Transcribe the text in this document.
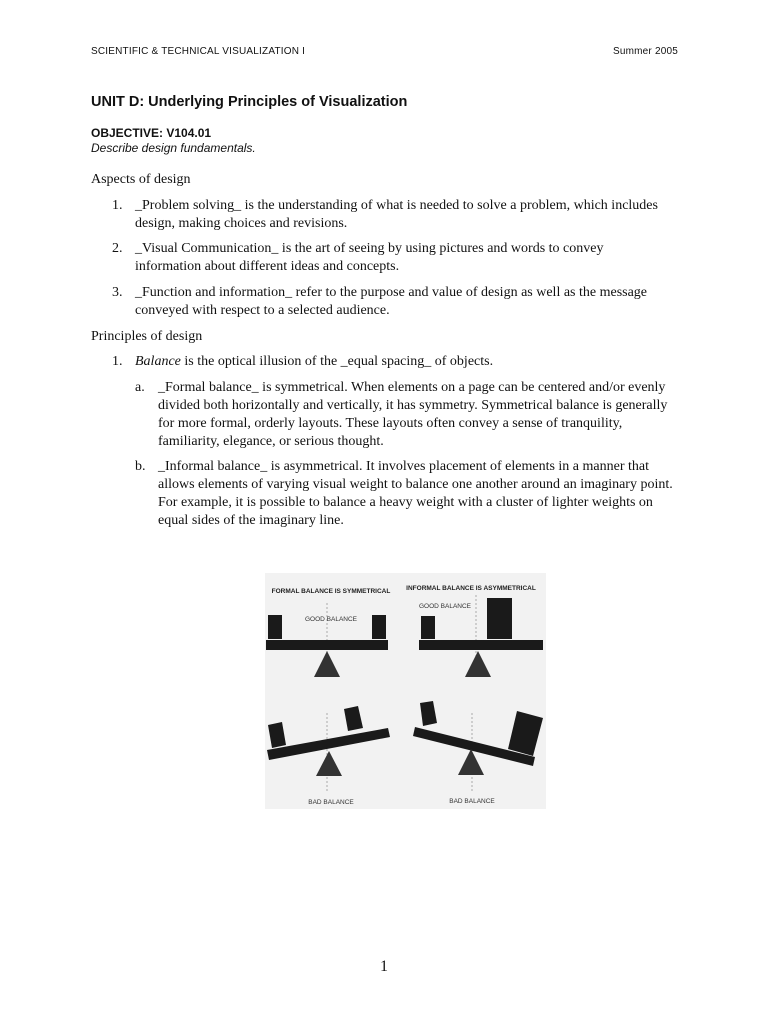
SCIENTIFIC & TECHNICAL VISUALIZATION I	Summer 2005
UNIT D: Underlying Principles of Visualization
OBJECTIVE: V104.01
Describe design fundamentals.
Aspects of design
1. _Problem solving_ is the understanding of what is needed to solve a problem, which includes design, making choices and revisions.
2. _Visual Communication_ is the art of seeing by using pictures and words to convey information about different ideas and concepts.
3. _Function and information_ refer to the purpose and value of design as well as the message conveyed with respect to a selected audience.
Principles of design
1. Balance is the optical illusion of the _equal spacing_ of objects.
a. _Formal balance_ is symmetrical. When elements on a page can be centered and/or evenly divided both horizontally and vertically, it has symmetry. Symmetrical balance is generally for more formal, orderly layouts. These layouts often convey a sense of tranquility, familiarity, elegance, or serious thought.
b. _Informal balance_ is asymmetrical. It involves placement of elements in a manner that allows elements of varying visual weight to balance one another around an imaginary point. For example, it is possible to balance a heavy weight with a cluster of lighter weights on equal sides of the imaginary line.
FORMAL BALANCE IS SYMMETRICAL INFORMAL BALANCE IS ASYMMETRICAL
GOOD BALANCE
GOOD BALANCE
BAD BALANCE	BAD BALANCE
1
